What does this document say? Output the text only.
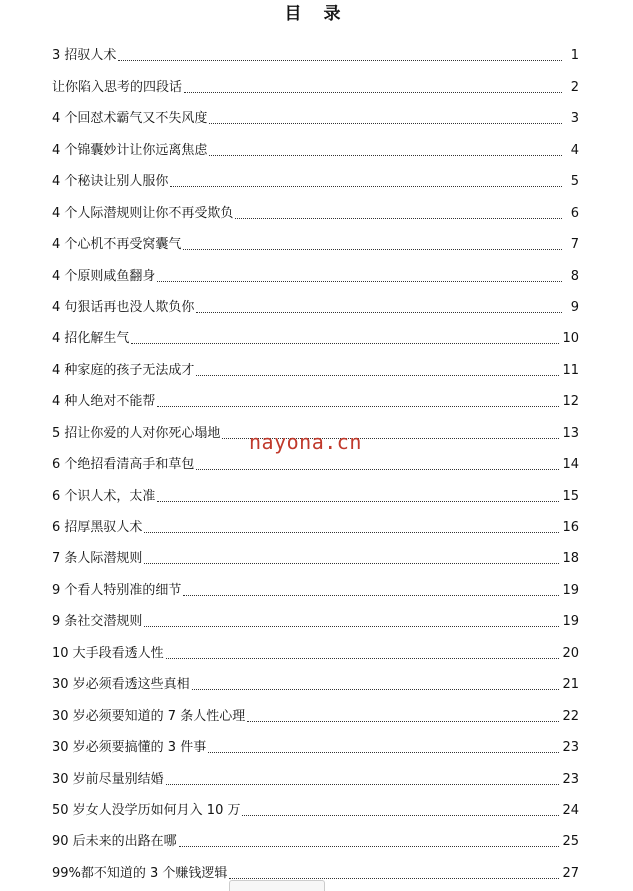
目 录
3 招驭人术	1
让你陷入思考的四段话	2
4 个回怼术霸气又不失风度	3
4 个锦囊妙计让你远离焦虑	4
4 个秘诀让别人服你	5
4 个人际潜规则让你不再受欺负	6
4 个心机不再受窝囊气	7
4 个原则咸鱼翻身	8
4 句狠话再也没人欺负你	9
4 招化解生气	10
4 种家庭的孩子无法成才	11
4 种人绝对不能帮	12
5 招让你爱的人对你死心塌地	13
6 个绝招看清高手和草包	14
6 个识人术，太准	15
6 招厚黑驭人术	16
7 条人际潜规则	18
9 个看人特别准的细节	19
9 条社交潜规则	19
10 大手段看透人性	20
30 岁必须看透这些真相	21
30 岁必须要知道的 7 条人性心理	22
30 岁必须要搞懂的 3 件事	23
30 岁前尽量别结婚	23
50 岁女人没学历如何月入 10 万	24
90 后未来的出路在哪	25
99%都不知道的 3 个赚钱逻辑	27
nayona.cn
